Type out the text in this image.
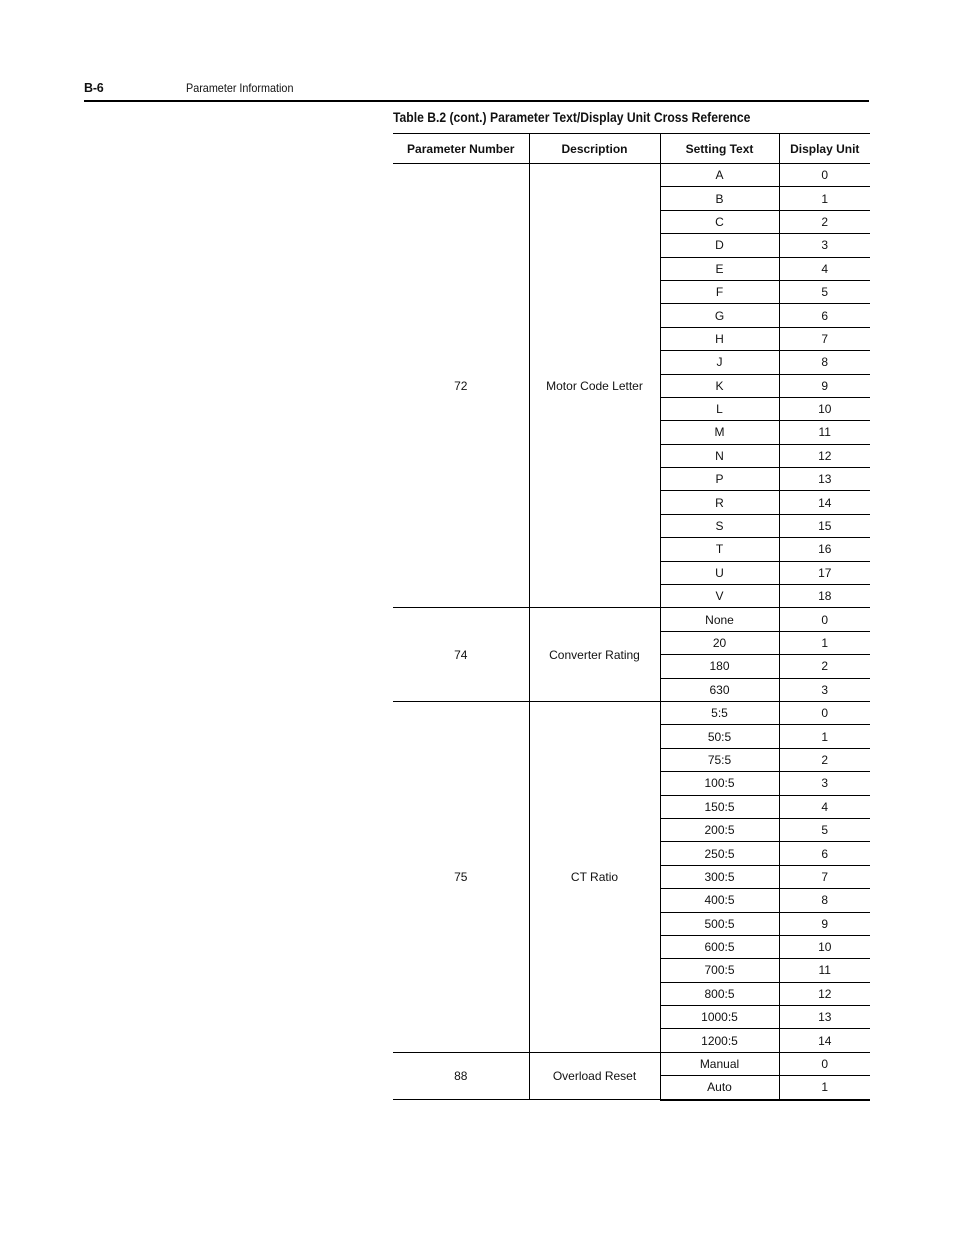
B-6	Parameter Information
Table B.2 (cont.) Parameter Text/Display Unit Cross Reference
Parameter Number	Description	Setting Text	Display Unit
72	Motor Code Letter	A	0
		B	1
		C	2
		D	3
		E	4
		F	5
		G	6
		H	7
		J	8
		K	9
		L	10
		M	11
		N	12
		P	13
		R	14
		S	15
		T	16
		U	17
		V	18
74	Converter Rating	None	0
		20	1
		180	2
		630	3
75	CT Ratio	5:5	0
		50:5	1
		75:5	2
		100:5	3
		150:5	4
		200:5	5
		250:5	6
		300:5	7
		400:5	8
		500:5	9
		600:5	10
		700:5	11
		800:5	12
		1000:5	13
		1200:5	14
88	Overload Reset	Manual	0
		Auto	1
